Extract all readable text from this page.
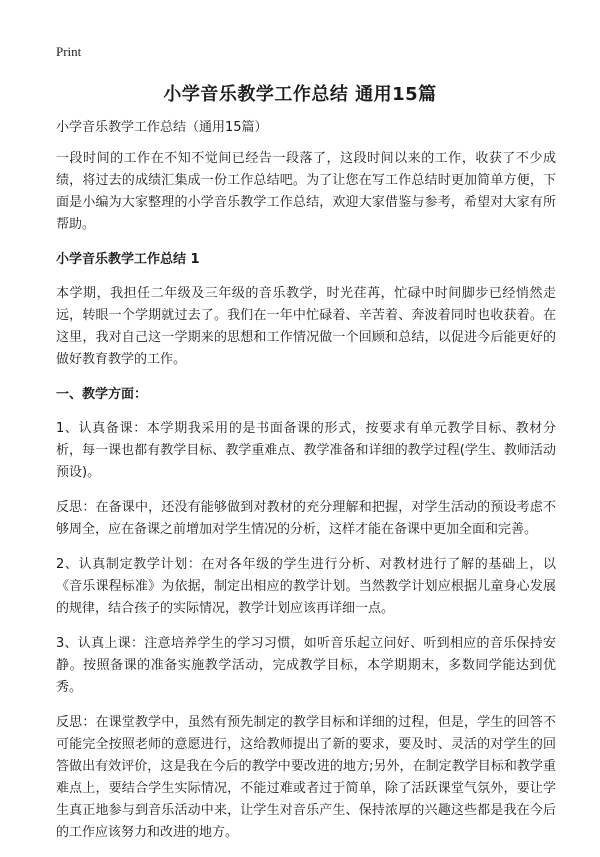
Print
小学音乐教学工作总结 通用15篇

小学音乐教学工作总结（通用15篇）

一段时间的工作在不知不觉间已经告一段落了，这段时间以来的工作，收获了不少成绩，将过去的成绩汇集成一份工作总结吧。为了让您在写工作总结时更加简单方便，下面是小编为大家整理的小学音乐教学工作总结，欢迎大家借鉴与参考，希望对大家有所帮助。

小学音乐教学工作总结 1

本学期，我担任二年级及三年级的音乐教学，时光荏苒，忙碌中时间脚步已经悄然走远，转眼一个学期就过去了。我们在一年中忙碌着、辛苦着、奔波着同时也收获着。在这里，我对自己这一学期来的思想和工作情况做一个回顾和总结，以促进今后能更好的做好教育教学的工作。

一、教学方面：

1、认真备课：本学期我采用的是书面备课的形式，按要求有单元教学目标、教材分析，每一课也都有教学目标、教学重难点、教学准备和详细的教学过程(学生、教师活动预设)。

反思：在备课中，还没有能够做到对教材的充分理解和把握，对学生活动的预设考虑不够周全，应在备课之前增加对学生情况的分析，这样才能在备课中更加全面和完善。

2、认真制定教学计划：在对各年级的学生进行分析、对教材进行了解的基础上，以《音乐课程标准》为依据，制定出相应的教学计划。当然教学计划应根据儿童身心发展的规律，结合孩子的实际情况，教学计划应该再详细一点。

3、认真上课：注意培养学生的学习习惯，如听音乐起立问好、听到相应的音乐保持安静。按照备课的准备实施教学活动，完成教学目标，本学期期末，多数同学能达到优秀。

反思：在课堂教学中，虽然有预先制定的教学目标和详细的过程，但是，学生的回答不可能完全按照老师的意愿进行，这给教师提出了新的要求，要及时、灵活的对学生的回答做出有效评价，这是我在今后的教学中要改进的地方;另外，在制定教学目标和教学重难点上，要结合学生实际情况，不能过难或者过于简单，除了活跃课堂气氛外，要让学生真正地参与到音乐活动中来，让学生对音乐产生、保持浓厚的兴趣这些都是我在今后的工作应该努力和改进的地方。
